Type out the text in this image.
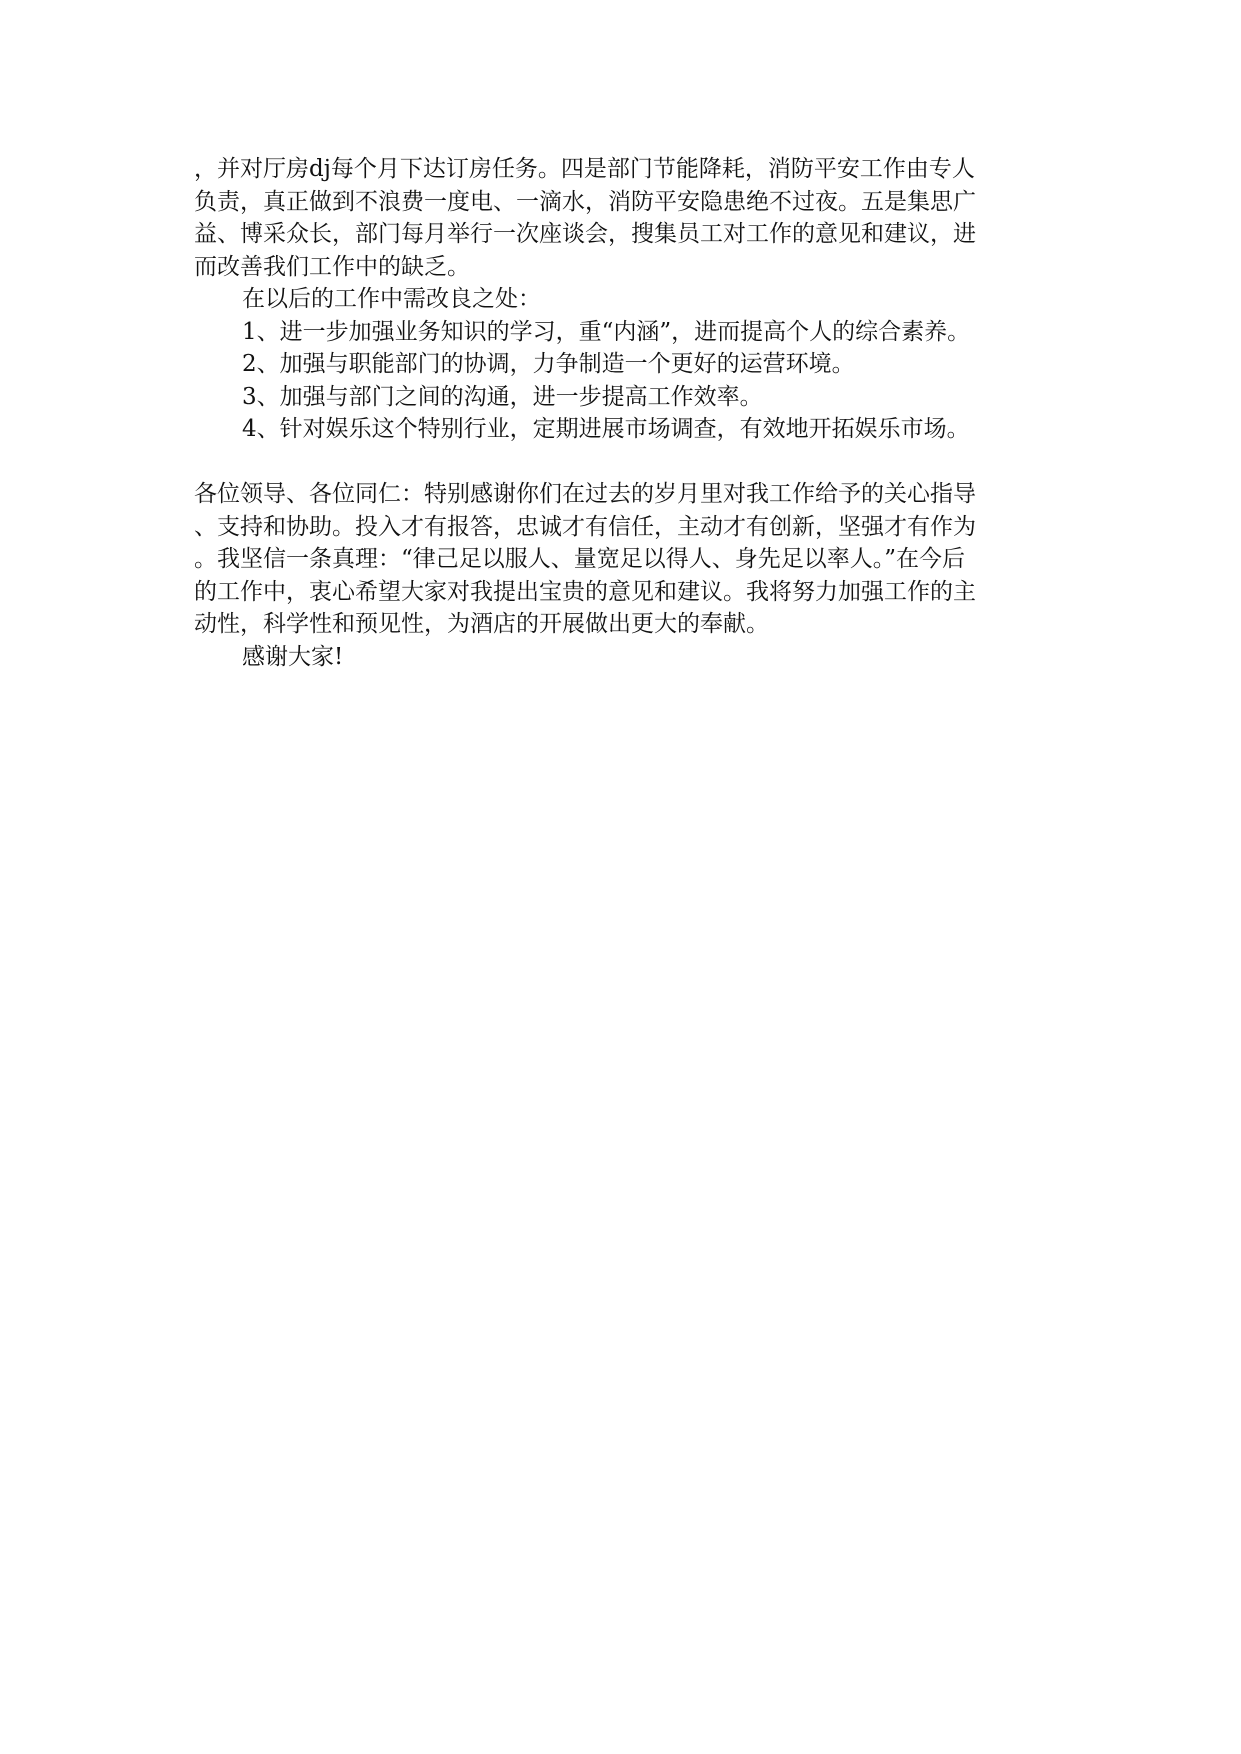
，并对厅房dj每个月下达订房任务。四是部门节能降耗，消防平安工作由专人
负责，真正做到不浪费一度电、一滴水，消防平安隐患绝不过夜。五是集思广
益、博采众长，部门每月举行一次座谈会，搜集员工对工作的意见和建议，进
而改善我们工作中的缺乏。
在以后的工作中需改良之处：
1、进一步加强业务知识的学习，重“内涵”，进而提高个人的综合素养。
2、加强与职能部门的协调，力争制造一个更好的运营环境。
3、加强与部门之间的沟通，进一步提高工作效率。
4、针对娱乐这个特别行业，定期进展市场调查，有效地开拓娱乐市场。
各位领导、各位同仁：特别感谢你们在过去的岁月里对我工作给予的关心指导
、支持和协助。投入才有报答，忠诚才有信任，主动才有创新，坚强才有作为
。我坚信一条真理：“律己足以服人、量宽足以得人、身先足以率人。”在今后
的工作中，衷心希望大家对我提出宝贵的意见和建议。我将努力加强工作的主
动性，科学性和预见性，为酒店的开展做出更大的奉献。
感谢大家!
